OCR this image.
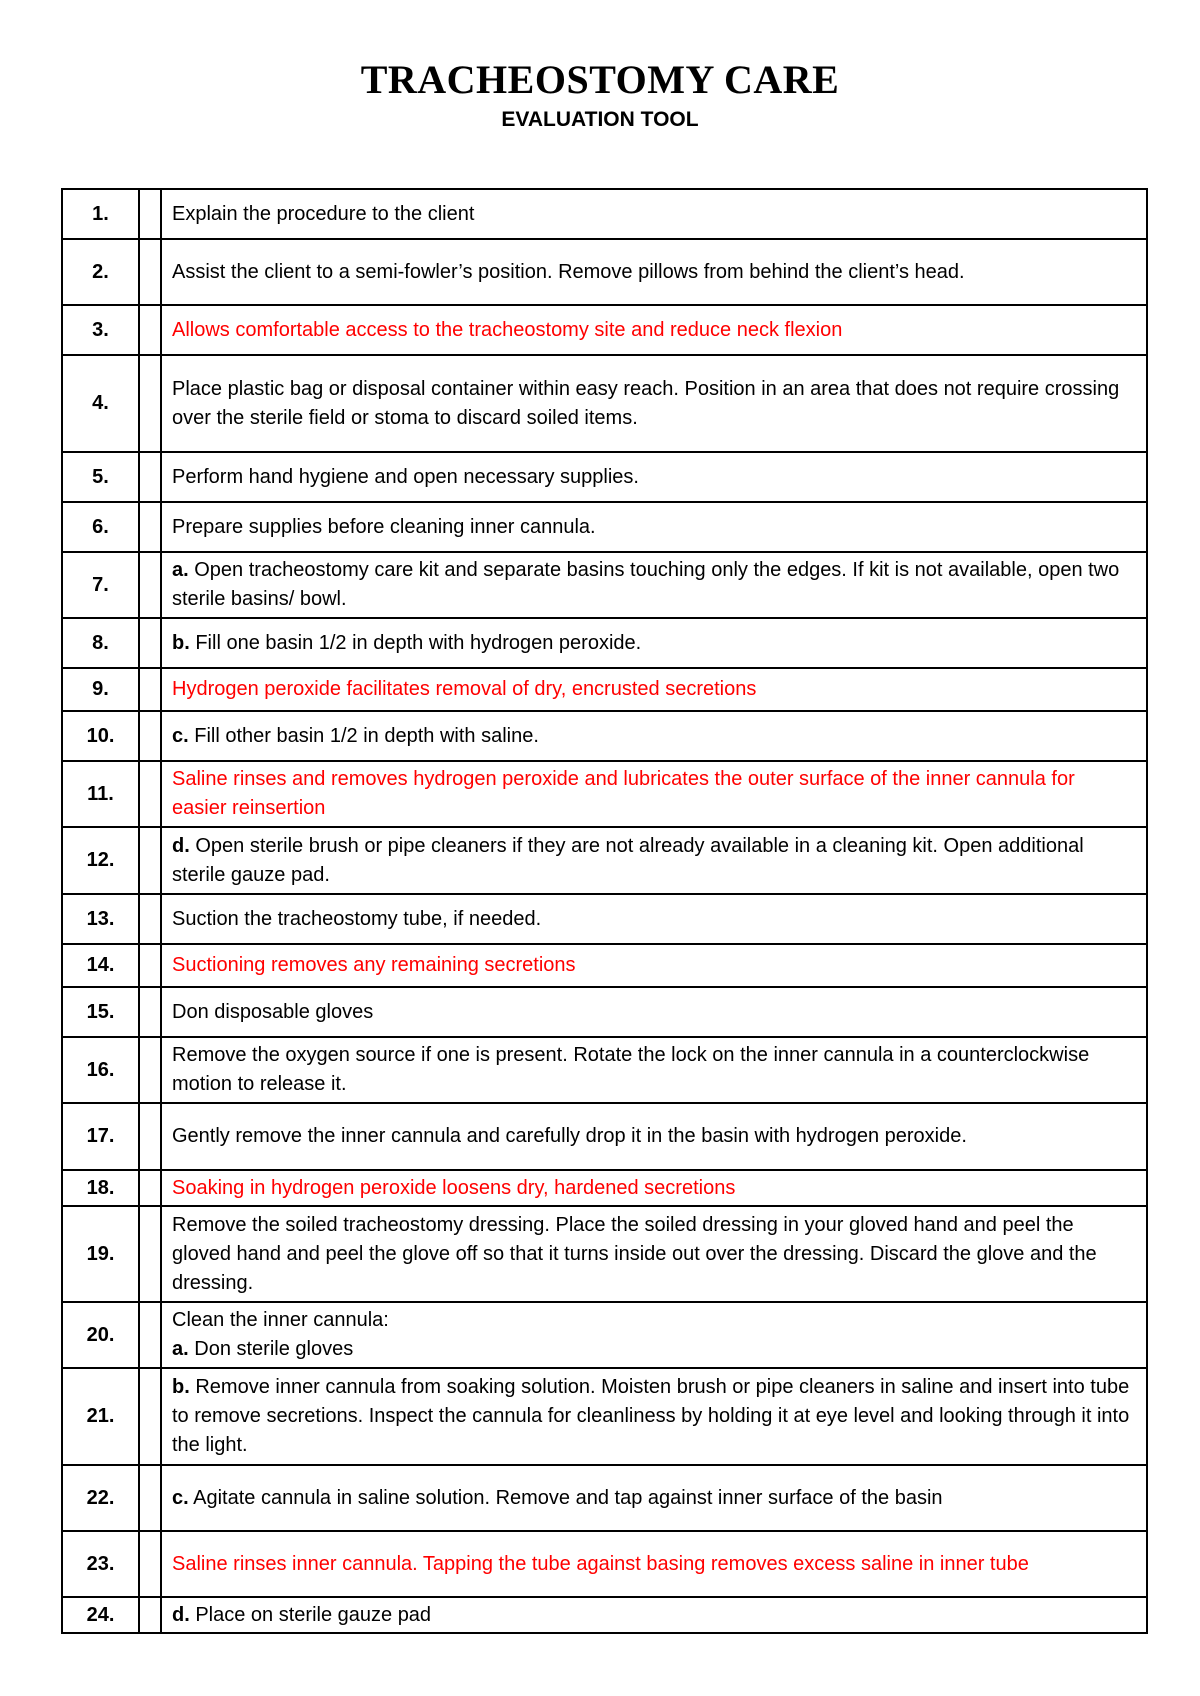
TRACHEOSTOMY CARE
EVALUATION TOOL
1.		Explain the procedure to the client
2.		Assist the client to a semi-fowler’s position. Remove pillows from behind the client’s head.
3.		Allows comfortable access to the tracheostomy site and reduce neck flexion
4.		Place plastic bag or disposal container within easy reach. Position in an area that does not require crossing over the sterile field or stoma to discard soiled items.
5.		Perform hand hygiene and open necessary supplies.
6.		Prepare supplies before cleaning inner cannula.
7.		a. Open tracheostomy care kit and separate basins touching only the edges. If kit is not available, open two sterile basins/ bowl.
8.		b. Fill one basin 1/2 in depth with hydrogen peroxide.
9.		Hydrogen peroxide facilitates removal of dry, encrusted secretions
10.		c. Fill other basin 1/2 in depth with saline.
11.		Saline rinses and removes hydrogen peroxide and lubricates the outer surface of the inner cannula for easier reinsertion
12.		d. Open sterile brush or pipe cleaners if they are not already available in a cleaning kit. Open additional sterile gauze pad.
13.		Suction the tracheostomy tube, if needed.
14.		Suctioning removes any remaining secretions
15.		Don disposable gloves
16.		Remove the oxygen source if one is present. Rotate the lock on the inner cannula in a counterclockwise motion to release it.
17.		Gently remove the inner cannula and carefully drop it in the basin with hydrogen peroxide.
18.		Soaking in hydrogen peroxide loosens dry, hardened secretions
19.		Remove the soiled tracheostomy dressing. Place the soiled dressing in your gloved hand and peel the gloved hand and peel the glove off so that it turns inside out over the dressing. Discard the glove and the dressing.
20.		Clean the inner cannula:
a. Don sterile gloves
21.		b. Remove inner cannula from soaking solution. Moisten brush or pipe cleaners in saline and insert into tube to remove secretions. Inspect the cannula for cleanliness by holding it at eye level and looking through it into the light.
22.		c. Agitate cannula in saline solution. Remove and tap against inner surface of the basin
23.		Saline rinses inner cannula. Tapping the tube against basing removes excess saline in inner tube
24.		d. Place on sterile gauze pad
